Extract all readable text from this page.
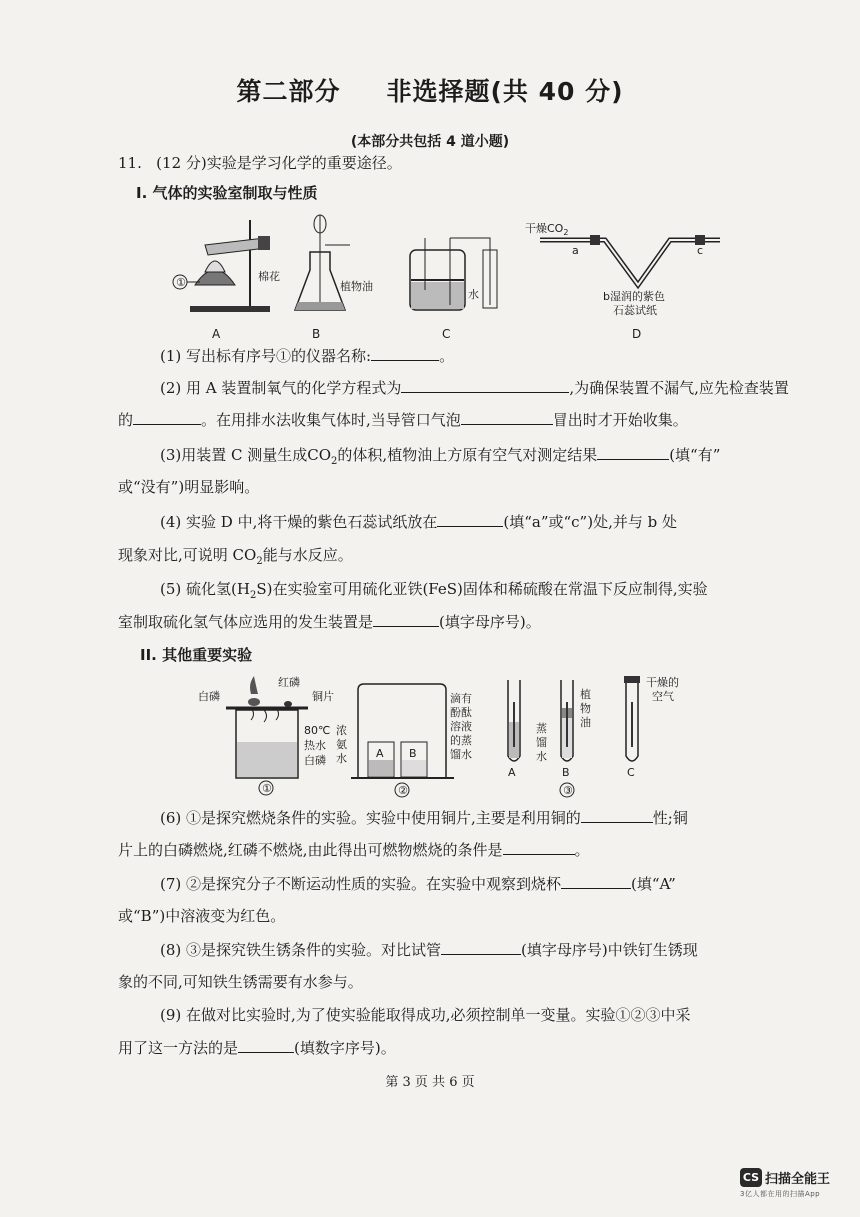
第二部分 非选择题(共 40 分)
(本部分共包括 4 道小题)
11. (12 分)实验是学习化学的重要途径。
I. 气体的实验室制取与性质
①	棉花
A	B
植物油
水
C
干燥$CO_2$
a	c
b湿润的紫色
石蕊试纸
D
(1) 写出标有序号①的仪器名称:	。
(2) 用 A 装置制氧气的化学方程式为	,为确保装置不漏气,应先检查装置
的	。在用排水法收集气体时,当导管口气泡	冒出时才开始收集。
(3)用装置 C 测量生成$CO_2$的体积,植物油上方原有空气对测定结果	(填“有”
或“没有”)明显影响。
(4) 实验 D 中,将干燥的紫色石蕊试纸放在	(填“a”或“c”)处,并与 b 处
现象对比,可说明 $CO_2$能与水反应。
(5) 硫化氢$(H_2S)$在实验室可用硫化亚铁(FeS)固体和稀硫酸在常温下反应制得,实验
室制取硫化氢气体应选用的发生装置是	(填字母序号)。
II. 其他重要实验
白磷
红磷
铜片
80℃
热水
白磷
①
A B
浓
氨
水
滴有
酚酞
溶液
的蒸
馏水
②
A	B	C
蒸
馏
水
植
物
油
干燥的
空气
③
(6) ①是探究燃烧条件的实验。实验中使用铜片,主要是利用铜的	性;铜
片上的白磷燃烧,红磷不燃烧,由此得出可燃物燃烧的条件是	。
(7) ②是探究分子不断运动性质的实验。在实验中观察到烧杯	(填“A”
或“B”)中溶液变为红色。
(8) ③是探究铁生锈条件的实验。对比试管	(填字母序号)中铁钉生锈现
象的不同,可知铁生锈需要有水参与。
(9) 在做对比实验时,为了使实验能取得成功,必须控制单一变量。实验①②③中采
用了这一方法的是	(填数字序号)。
第 3 页 共 6 页
CS 扫描全能王
3亿人都在用的扫描App
